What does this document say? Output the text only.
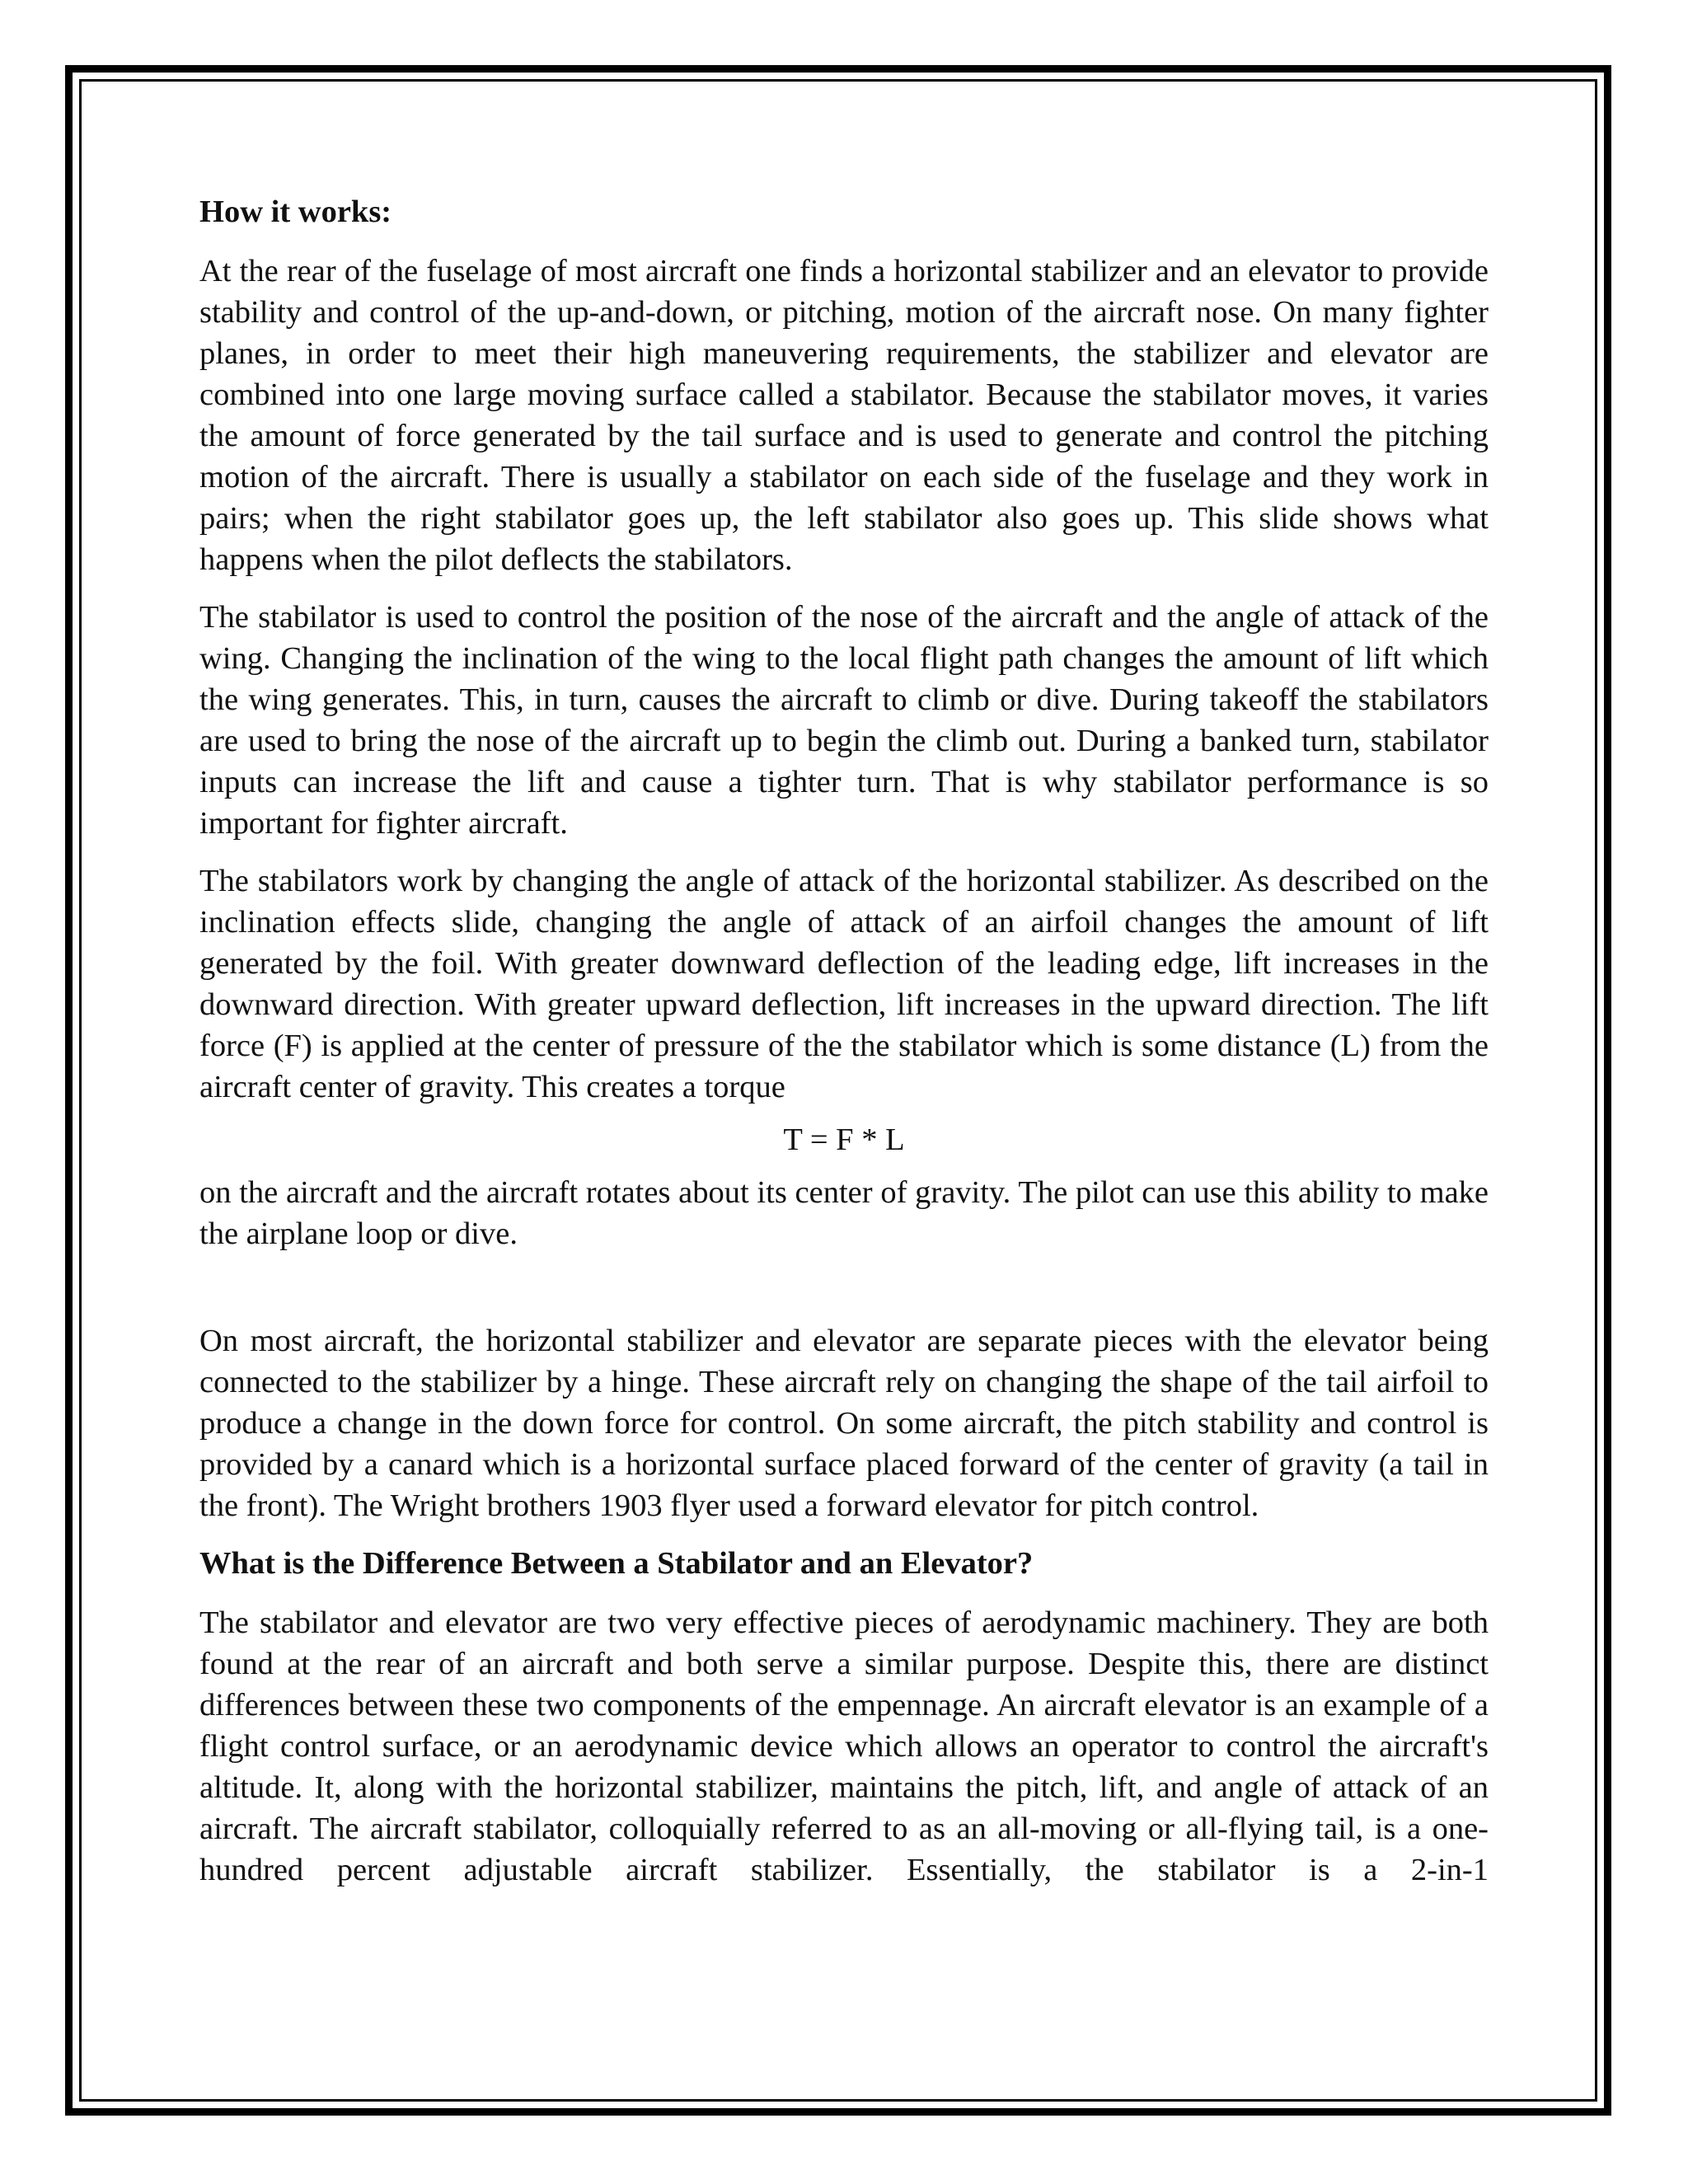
How it works:
At the rear of the fuselage of most aircraft one finds a horizontal stabilizer and an elevator to provide stability and control of the up-and-down, or pitching, motion of the aircraft nose. On many fighter planes, in order to meet their high maneuvering requirements, the stabilizer and elevator are combined into one large moving surface called a stabilator. Because the stabilator moves, it varies the amount of force generated by the tail surface and is used to generate and control the pitching motion of the aircraft. There is usually a stabilator on each side of the fuselage and they work in pairs; when the right stabilator goes up, the left stabilator also goes up. This slide shows what happens when the pilot deflects the stabilators.
The stabilator is used to control the position of the nose of the aircraft and the angle of attack of the wing. Changing the inclination of the wing to the local flight path changes the amount of lift which the wing generates. This, in turn, causes the aircraft to climb or dive. During takeoff the stabilators are used to bring the nose of the aircraft up to begin the climb out. During a banked turn, stabilator inputs can increase the lift and cause a tighter turn. That is why stabilator performance is so important for fighter aircraft.
The stabilators work by changing the angle of attack of the horizontal stabilizer. As described on the inclination effects slide, changing the angle of attack of an airfoil changes the amount of lift generated by the foil. With greater downward deflection of the leading edge, lift increases in the downward direction. With greater upward deflection, lift increases in the upward direction. The lift force (F) is applied at the center of pressure of the the stabilator which is some distance (L) from the aircraft center of gravity. This creates a torque
T = F * L
on the aircraft and the aircraft rotates about its center of gravity. The pilot can use this ability to make the airplane loop or dive.
On most aircraft, the horizontal stabilizer and elevator are separate pieces with the elevator being connected to the stabilizer by a hinge. These aircraft rely on changing the shape of the tail airfoil to produce a change in the down force for control. On some aircraft, the pitch stability and control is provided by a canard which is a horizontal surface placed forward of the center of gravity (a tail in the front). The Wright brothers 1903 flyer used a forward elevator for pitch control.
What is the Difference Between a Stabilator and an Elevator?
The stabilator and elevator are two very effective pieces of aerodynamic machinery. They are both found at the rear of an aircraft and both serve a similar purpose. Despite this, there are distinct differences between these two components of the empennage. An aircraft elevator is an example of a flight control surface, or an aerodynamic device which allows an operator to control the aircraft's altitude. It, along with the horizontal stabilizer, maintains the pitch, lift, and angle of attack of an aircraft. The aircraft stabilator, colloquially referred to as an all-moving or all-flying tail, is a one-hundred percent adjustable aircraft stabilizer. Essentially, the stabilator is a 2-in-1
